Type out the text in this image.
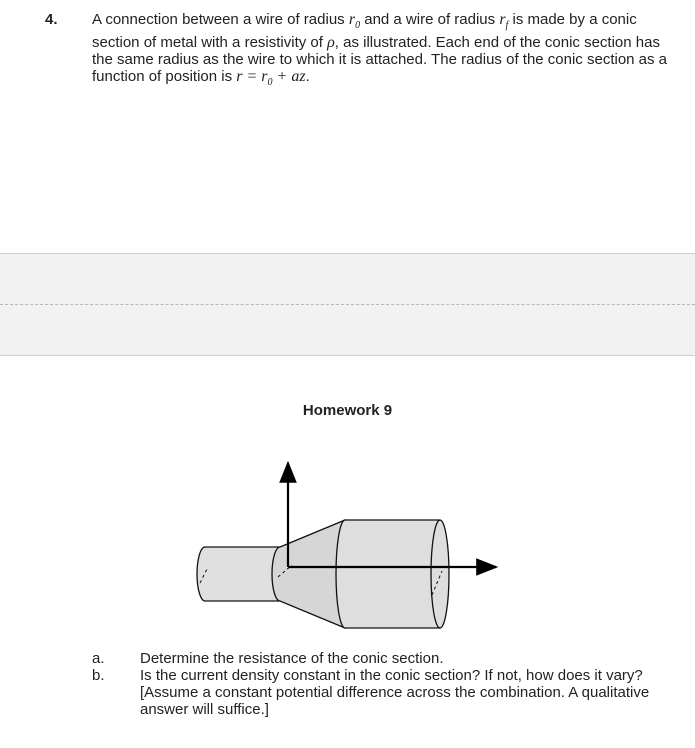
4. A connection between a wire of radius $r_0$ and a wire of radius $r_f$ is made by a conic section of metal with a resistivity of ρ, as illustrated. Each end of the conic section has the same radius as the wire to which it is attached. The radius of the conic section as a function of position is $r = r_0$ + az.

Homework 9
a.	Determine the resistance of the conic section.
b.	Is the current density constant in the conic section? If not, how does it vary? [Assume a constant potential difference across the combination. A qualitative answer will suffice.]
